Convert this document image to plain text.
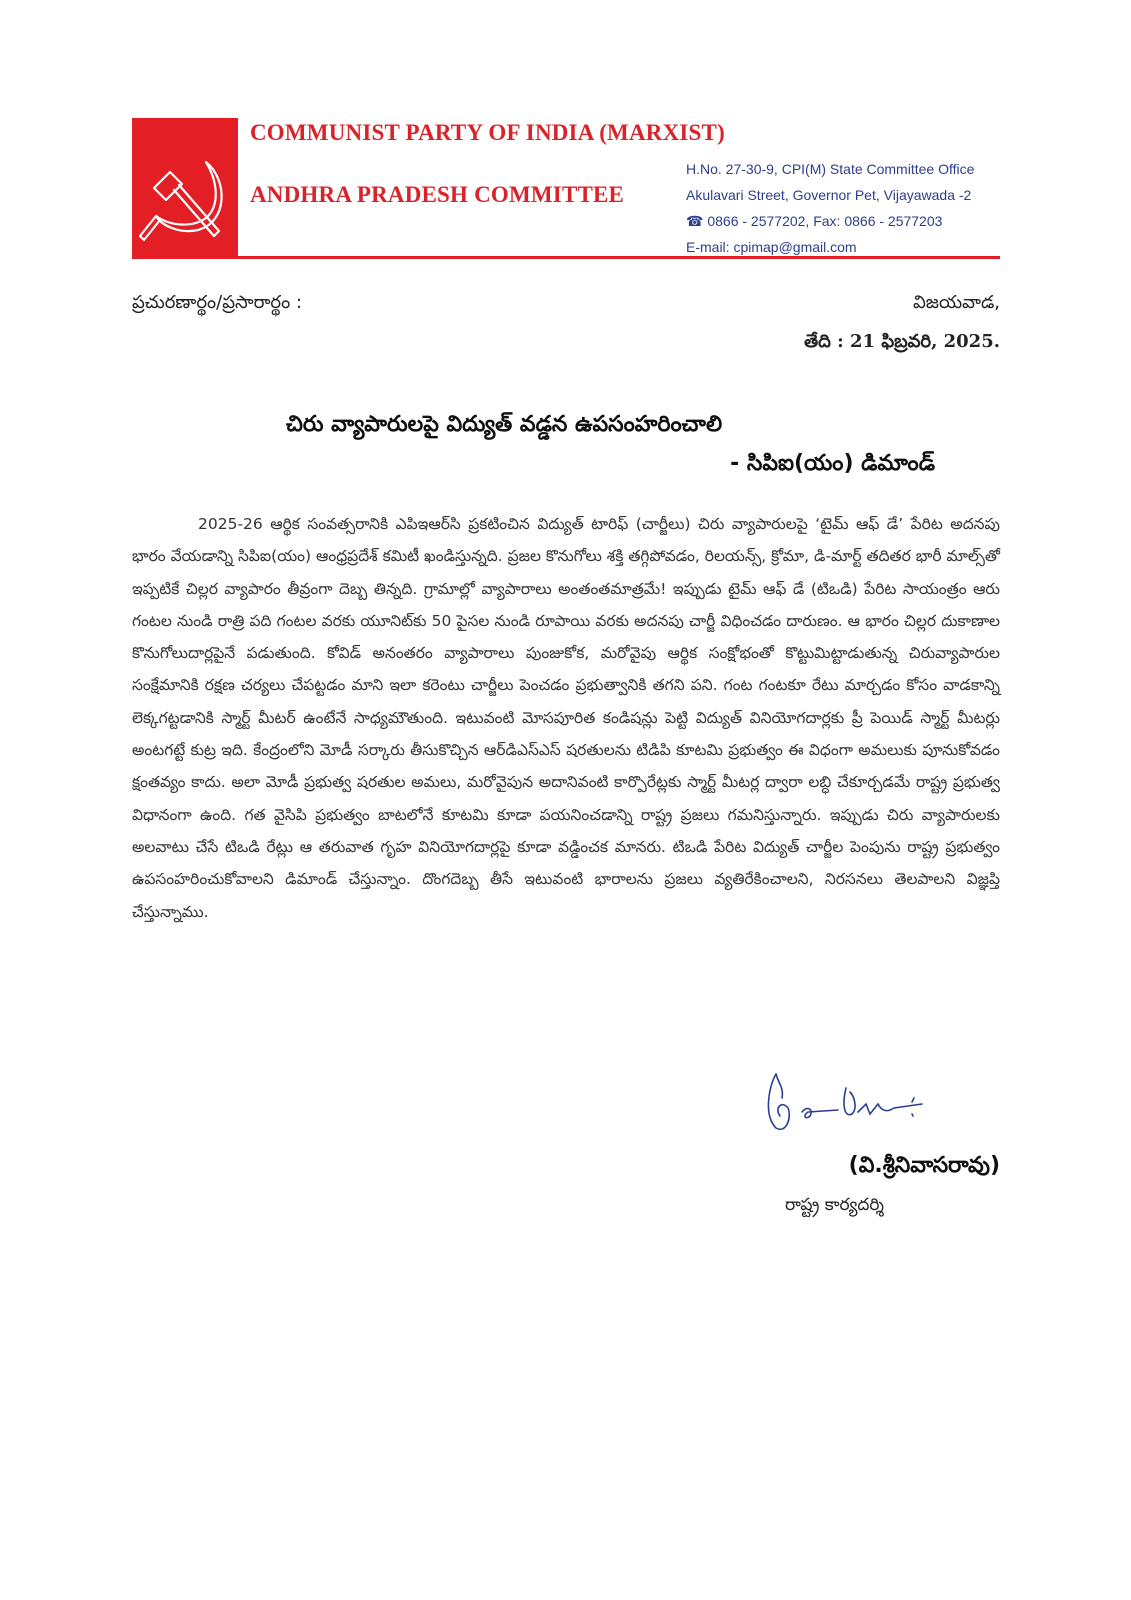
COMMUNIST PARTY OF INDIA (MARXIST)
ANDHRA PRADESH COMMITTEE
H.No. 27-30-9, CPI(M) State Committee Office
Akulavari Street, Governor Pet, Vijayawada -2
☎ 0866 - 2577202, Fax: 0866 - 2577203
E-mail: cpimap@gmail.com
ప్రచురణార్థం/ప్రసారార్థం :	విజయవాడ,
తేది : 21 ఫిబ్రవరి, 2025.
చిరు వ్యాపారులపై విద్యుత్ వడ్డన ఉపసంహరించాలి
- సిపిఐ(యం) డిమాండ్

2025-26 ఆర్థిక సంవత్సరానికి ఎపిఇఆర్‌సి ప్రకటించిన విద్యుత్ టారిఫ్ (చార్జీలు) చిరు వ్యాపారులపై ‘టైమ్ ఆఫ్ డే’ పేరిట అదనపు భారం వేయడాన్ని సిపిఐ(యం) ఆంధ్రప్రదేశ్ కమిటీ ఖండిస్తున్నది. ప్రజల కొనుగోలు శక్తి తగ్గిపోవడం, రిలయన్స్, క్రోమా, డి-మార్ట్ తదితర భారీ మాల్స్‌తో ఇప్పటికే చిల్లర వ్యాపారం తీవ్రంగా దెబ్బ తిన్నది. గ్రామాల్లో వ్యాపారాలు అంతంతమాత్రమే! ఇప్పుడు టైమ్ ఆఫ్ డే (టిఒడి) పేరిట సాయంత్రం ఆరు గంటల నుండి రాత్రి పది గంటల వరకు యూనిట్‌కు 50 పైసల నుండి రూపాయి వరకు అదనపు చార్జీ విధించడం దారుణం. ఆ భారం చిల్లర దుకాణాల కొనుగోలుదార్లపైనే పడుతుంది. కోవిడ్ అనంతరం వ్యాపారాలు పుంజుకోక, మరోవైపు ఆర్థిక సంక్షోభంతో కొట్టుమిట్టాడుతున్న చిరువ్యాపారుల సంక్షేమానికి రక్షణ చర్యలు చేపట్టడం మాని ఇలా కరెంటు చార్జీలు పెంచడం ప్రభుత్వానికి తగని పని. గంట గంటకూ రేటు మార్చడం కోసం వాడకాన్ని లెక్కగట్టడానికి స్మార్ట్ మీటర్ ఉంటేనే సాధ్యమౌతుంది. ఇటువంటి మోసపూరిత కండిషన్లు పెట్టి విద్యుత్ వినియోగదార్లకు ప్రీ పెయిడ్ స్మార్ట్ మీటర్లు అంటగట్టే కుట్ర ఇది. కేంద్రంలోని మోడీ సర్కారు తీసుకొచ్చిన ఆర్‌డిఎస్‌ఎస్ షరతులను టిడిపి కూటమి ప్రభుత్వం ఈ విధంగా అమలుకు పూనుకోవడం క్షంతవ్యం కాదు. అలా మోడీ ప్రభుత్వ షరతుల అమలు, మరోవైపున అదానివంటి కార్పొరేట్లకు స్మార్ట్ మీటర్ల ద్వారా లబ్ధి చేకూర్చడమే రాష్ట్ర ప్రభుత్వ విధానంగా ఉంది. గత వైసిపి ప్రభుత్వం బాటలోనే కూటమి కూడా పయనించడాన్ని రాష్ట్ర ప్రజలు గమనిస్తున్నారు. ఇప్పుడు చిరు వ్యాపారులకు అలవాటు చేసే టిఒడి రేట్లు ఆ తరువాత గృహ వినియోగదార్లపై కూడా వడ్డించక మానరు. టిఒడి పేరిట విద్యుత్ చార్జీల పెంపును రాష్ట్ర ప్రభుత్వం ఉపసంహరించుకోవాలని డిమాండ్ చేస్తున్నాం. దొంగదెబ్బ తీసే ఇటువంటి భారాలను ప్రజలు వ్యతిరేకించాలని, నిరసనలు తెలపాలని విజ్ఞప్తి చేస్తున్నాము.

(వి.శ్రీనివాసరావు)
రాష్ట్ర కార్యదర్శి
